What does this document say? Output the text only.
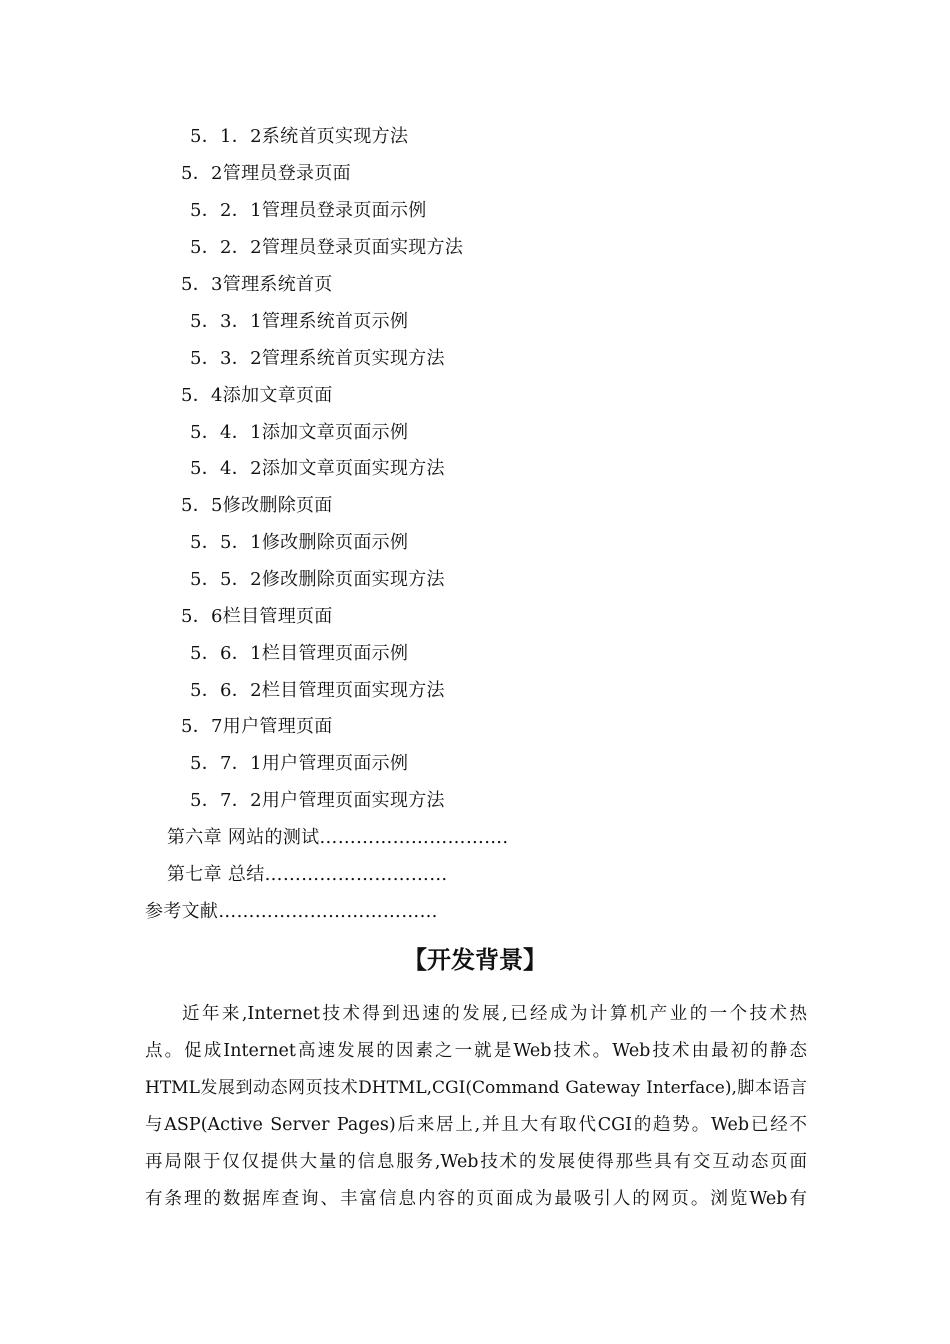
5．1．2系统首页实现方法
5．2管理员登录页面
5．2．1管理员登录页面示例
5．2．2管理员登录页面实现方法
5．3管理系统首页
5．3．1管理系统首页示例
5．3．2管理系统首页实现方法
5．4添加文章页面
5．4．1添加文章页面示例
5．4．2添加文章页面实现方法
5．5修改删除页面
5．5．1修改删除页面示例
5．5．2修改删除页面实现方法
5．6栏目管理页面
5．6．1栏目管理页面示例
5．6．2栏目管理页面实现方法
5．7用户管理页面
5．7．1用户管理页面示例
5．7．2用户管理页面实现方法
第六章 网站的测试………………………….
第七章 总结…………………………
参考文献………………………………
【开发背景】
近年来,Internet技术得到迅速的发展,已经成为计算机产业的一个技术热
点。促成Internet高速发展的因素之一就是Web技术。Web技术由最初的静态
HTML发展到动态网页技术DHTML,CGI(Command Gateway Interface),脚本语言
与ASP(Active Server Pages)后来居上,并且大有取代CGI的趋势。Web已经不
再局限于仅仅提供大量的信息服务,Web技术的发展使得那些具有交互动态页面
有条理的数据库查询、丰富信息内容的页面成为最吸引人的网页。浏览Web有
